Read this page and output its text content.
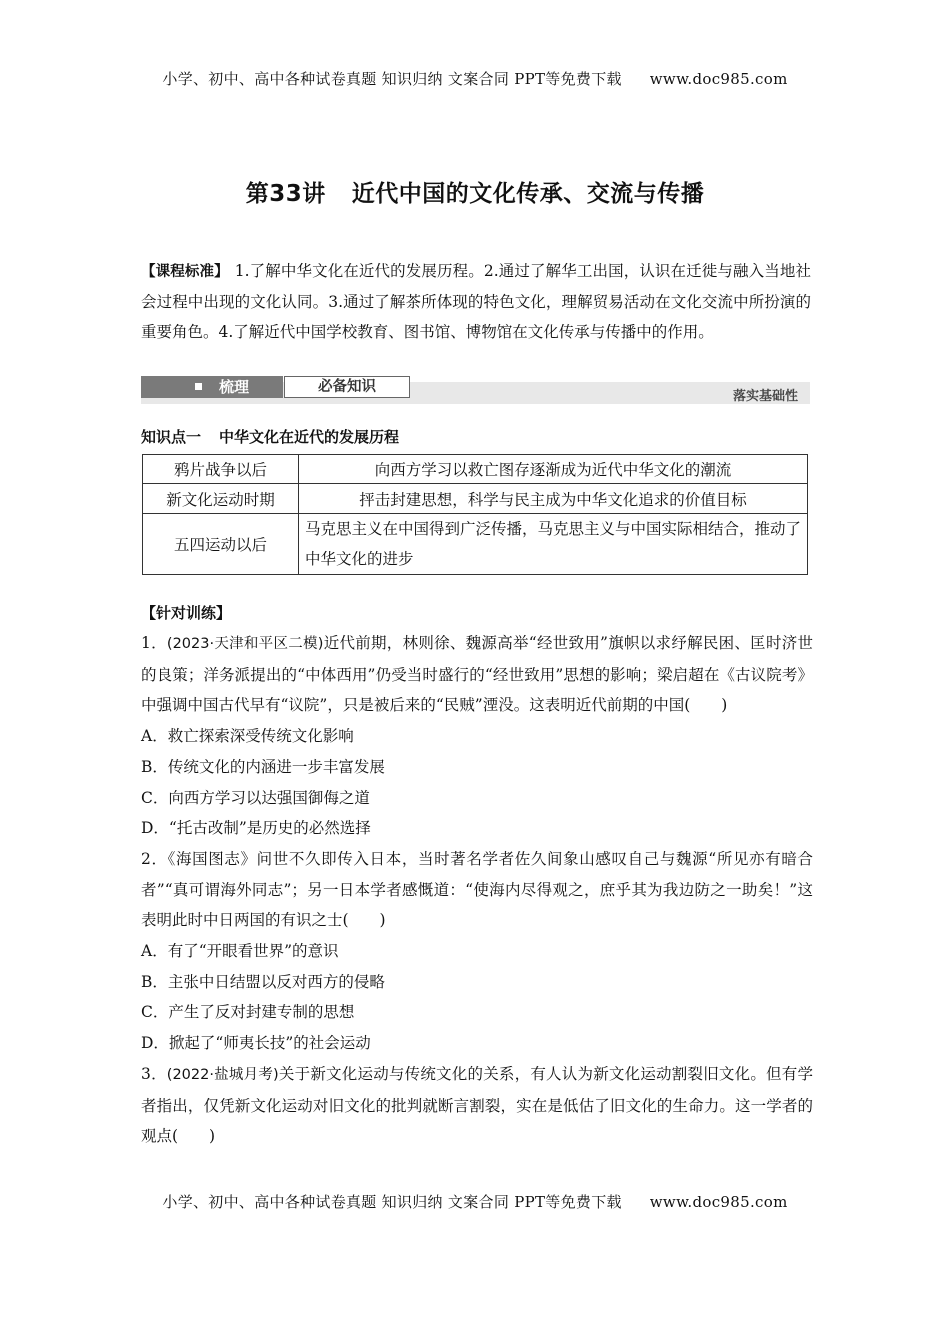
小学、初中、高中各种试卷真题 知识归纳 文案合同 PPT等免费下载 www.doc985.com
第33讲 近代中国的文化传承、交流与传播
【课程标准】 1.了解中华文化在近代的发展历程。2.通过了解华工出国，认识在迁徙与融入当地社会过程中出现的文化认同。3.通过了解茶所体现的特色文化，理解贸易活动在文化交流中所扮演的重要角色。4.了解近代中国学校教育、图书馆、博物馆在文化传承与传播中的作用。
梳理	必备知识
落实基础性
知识点一 中华文化在近代的发展历程
鸦片战争以后	向西方学习以救亡图存逐渐成为近代中华文化的潮流
新文化运动时期	抨击封建思想，科学与民主成为中华文化追求的价值目标
五四运动以后	马克思主义在中国得到广泛传播，马克思主义与中国实际相结合，推动了中华文化的进步
【针对训练】

1．(2023·天津和平区二模)近代前期，林则徐、魏源高举“经世致用”旗帜以求纾解民困、匡时济世的良策；洋务派提出的“中体西用”仍受当时盛行的“经世致用”思想的影响；梁启超在《古议院考》中强调中国古代早有“议院”，只是被后来的“民贼”湮没。这表明近代前期的中国(　　)

A．救亡探索深受传统文化影响

B．传统文化的内涵进一步丰富发展

C．向西方学习以达强国御侮之道

D．“托古改制”是历史的必然选择

2．《海国图志》问世不久即传入日本，当时著名学者佐久间象山感叹自己与魏源“所见亦有暗合者”“真可谓海外同志”；另一日本学者感慨道：“使海内尽得观之，庶乎其为我边防之一助矣！”这表明此时中日两国的有识之士(　　)

A．有了“开眼看世界”的意识

B．主张中日结盟以反对西方的侵略

C．产生了反对封建专制的思想

D．掀起了“师夷长技”的社会运动

3．(2022·盐城月考)关于新文化运动与传统文化的关系，有人认为新文化运动割裂旧文化。但有学者指出，仅凭新文化运动对旧文化的批判就断言割裂，实在是低估了旧文化的生命力。这一学者的观点(　　)

小学、初中、高中各种试卷真题 知识归纳 文案合同 PPT等免费下载 www.doc985.com
